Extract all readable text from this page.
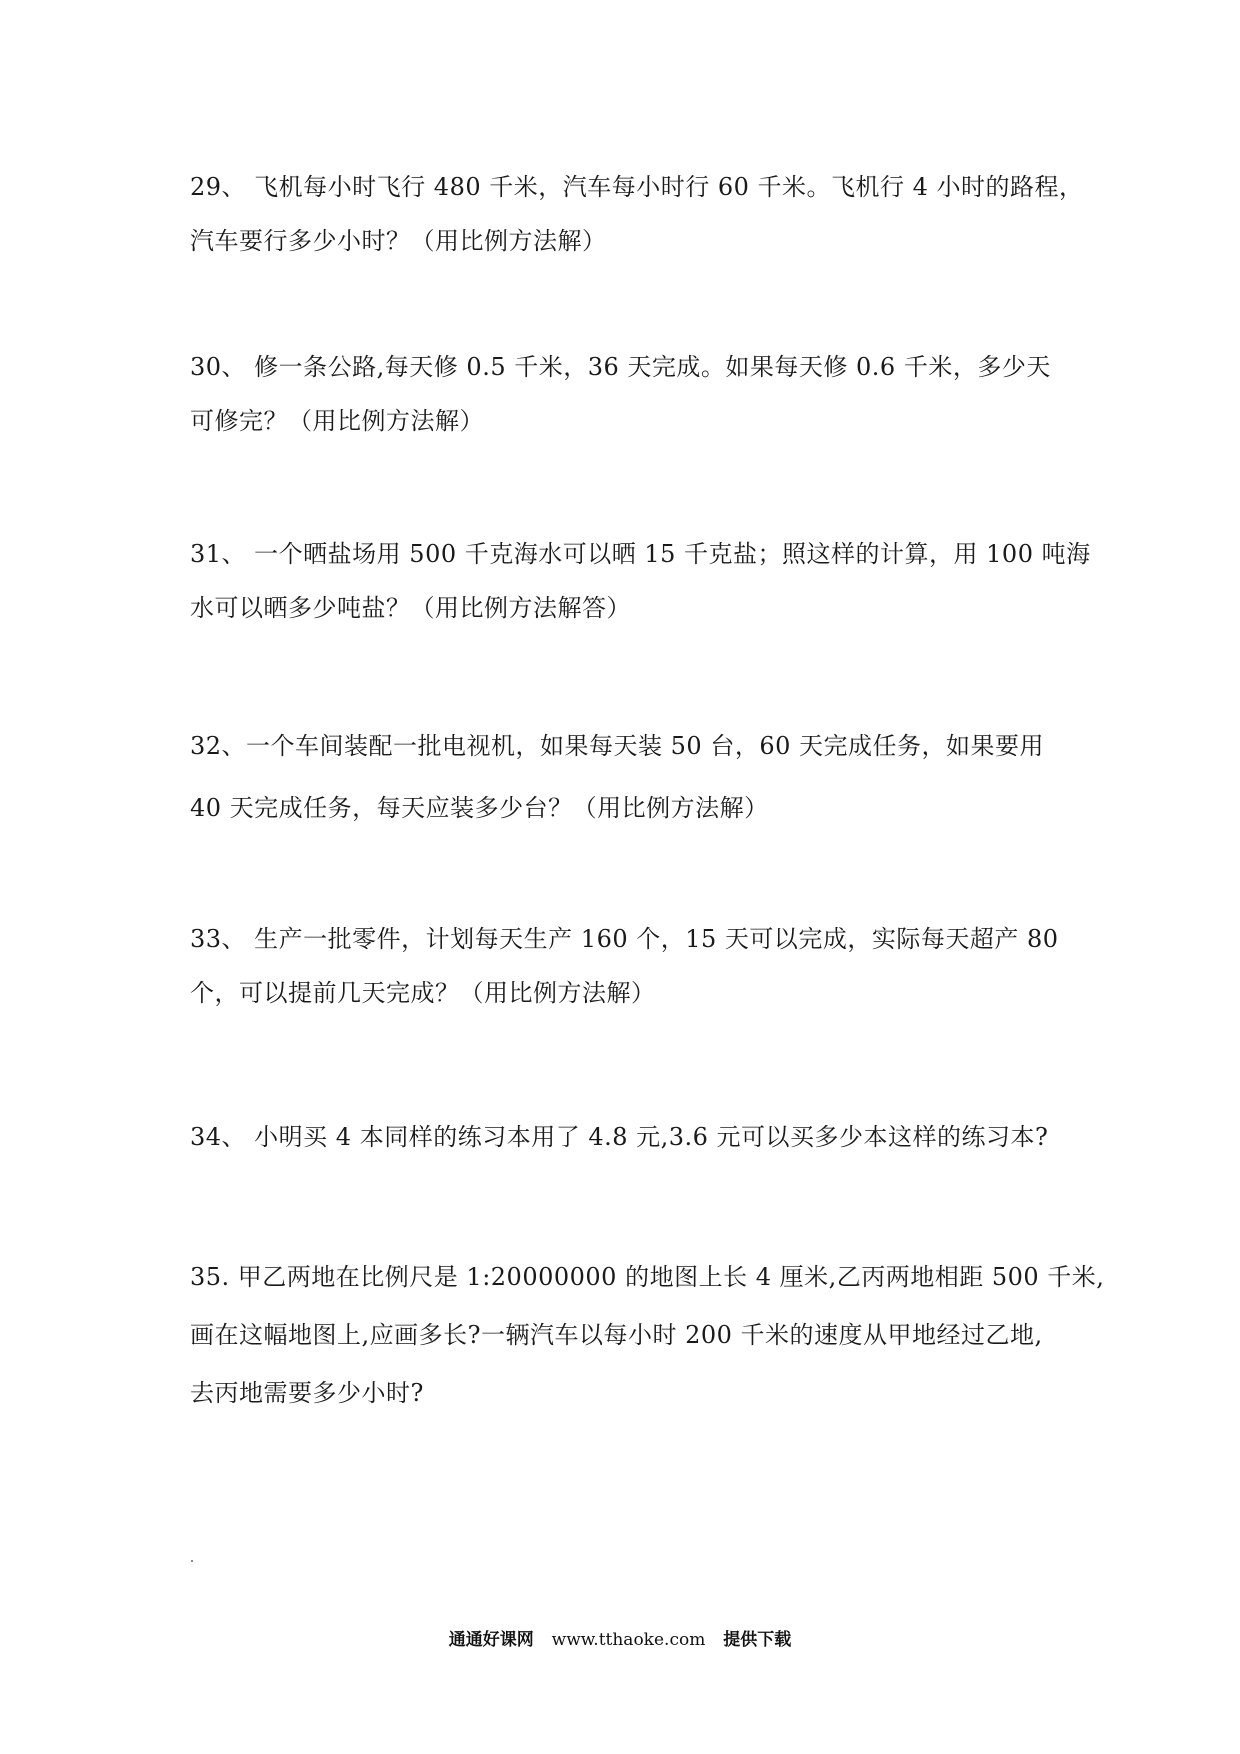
29、 飞机每小时飞行 480 千米，汽车每小时行 60 千米。飞机行 4 小时的路程，
汽车要行多少小时？（用比例方法解）
30、 修一条公路,每天修 0.5 千米，36 天完成。如果每天修 0.6 千米，多少天
可修完？（用比例方法解）
31、 一个晒盐场用 500 千克海水可以晒 15 千克盐；照这样的计算，用 100 吨海
水可以晒多少吨盐？（用比例方法解答）
32、一个车间装配一批电视机，如果每天装 50 台，60 天完成任务，如果要用
40 天完成任务，每天应装多少台？（用比例方法解）
33、 生产一批零件，计划每天生产 160 个，15 天可以完成，实际每天超产 80
个，可以提前几天完成？（用比例方法解）
34、 小明买 4 本同样的练习本用了 4.8 元,3.6 元可以买多少本这样的练习本?
35. 甲乙两地在比例尺是 1:20000000 的地图上长 4 厘米,乙丙两地相距 500 千米,
画在这幅地图上,应画多长?一辆汽车以每小时 200 千米的速度从甲地经过乙地,
去丙地需要多少小时?
通通好课网 www.tthaoke.com 提供下载
